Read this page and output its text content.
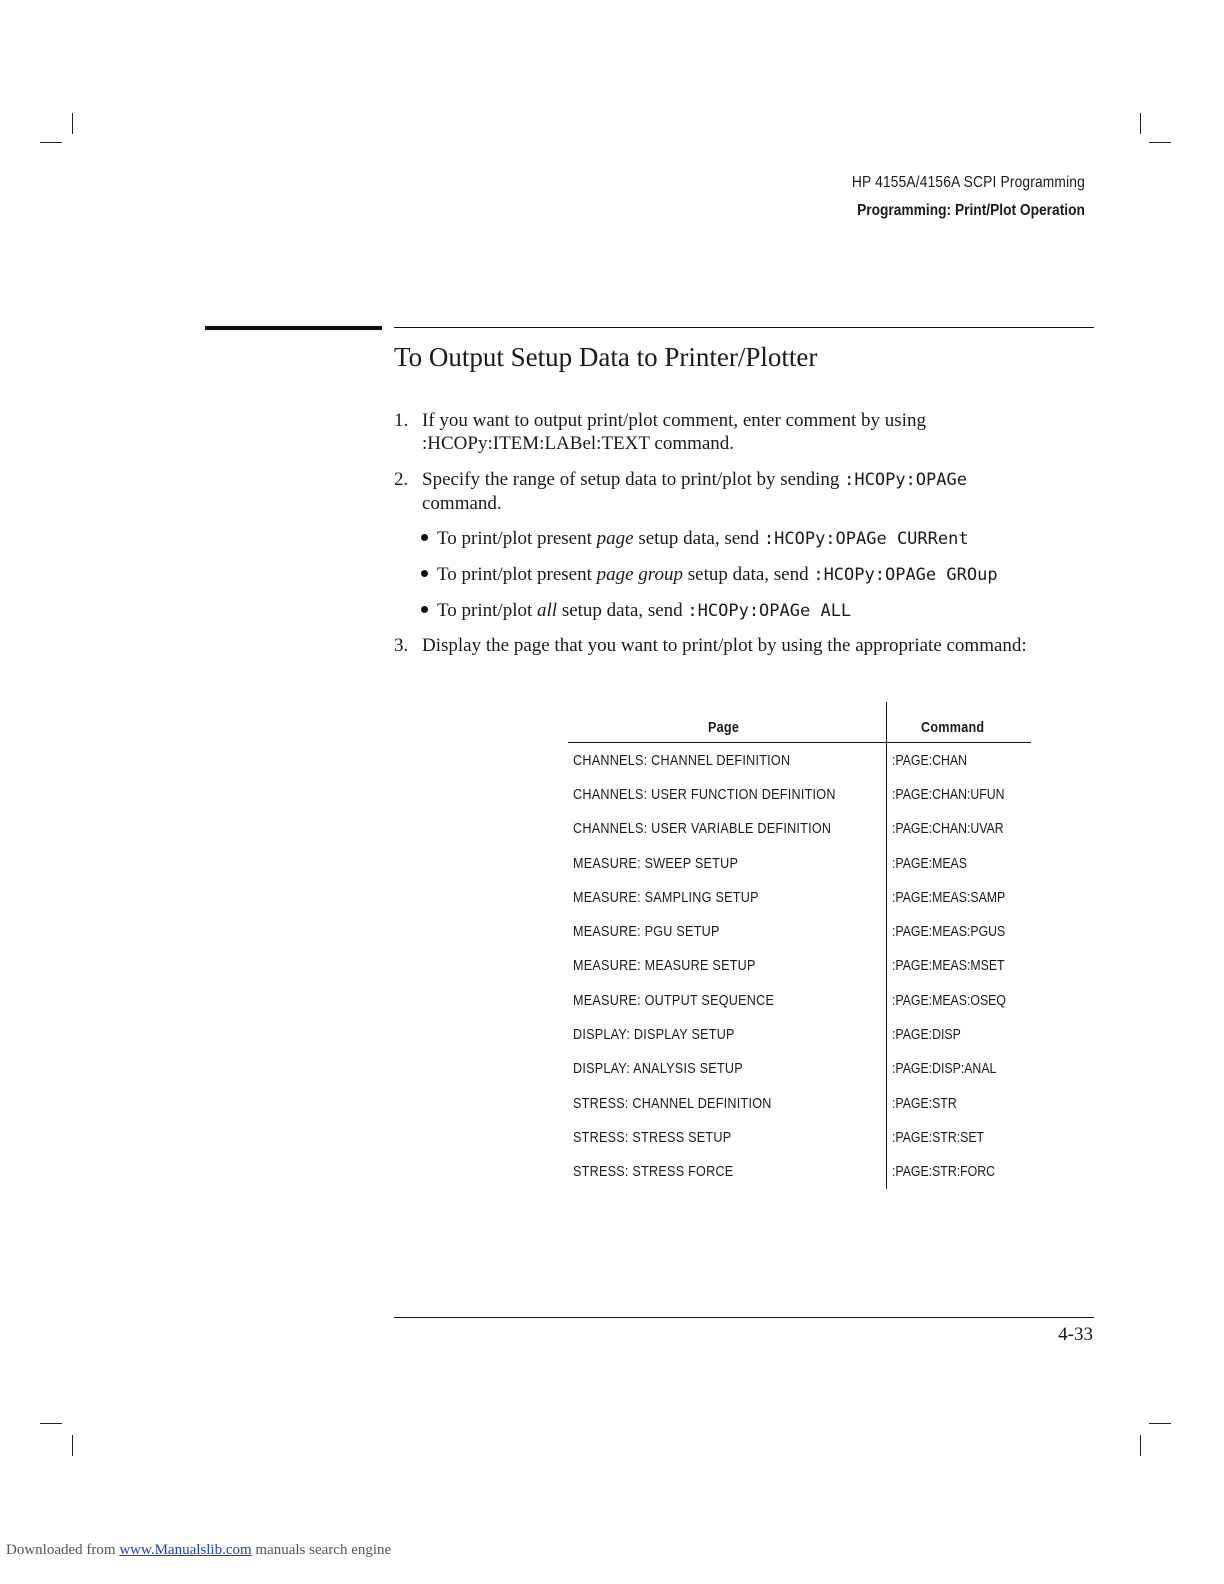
HP 4155A/4156A SCPI Programming
Programming: Print/Plot Operation
To Output Setup Data to Printer/Plotter
1. If you want to output print/plot comment, enter comment by using :HCOPy:ITEM:LABel:TEXT command.
2. Specify the range of setup data to print/plot by sending :HCOPy:OPAGe
command.
To print/plot present page setup data, send :HCOPy:OPAGe CURRent
To print/plot present page group setup data, send :HCOPy:OPAGe GROup
To print/plot all setup data, send :HCOPy:OPAGe ALL
3. Display the page that you want to print/plot by using the appropriate command:
Page	Command
CHANNELS: CHANNEL DEFINITION	:PAGE:CHAN
CHANNELS: USER FUNCTION DEFINITION	:PAGE:CHAN:UFUN
CHANNELS: USER VARIABLE DEFINITION	:PAGE:CHAN:UVAR
MEASURE: SWEEP SETUP	:PAGE:MEAS
MEASURE: SAMPLING SETUP	:PAGE:MEAS:SAMP
MEASURE: PGU SETUP	:PAGE:MEAS:PGUS
MEASURE: MEASURE SETUP	:PAGE:MEAS:MSET
MEASURE: OUTPUT SEQUENCE	:PAGE:MEAS:OSEQ
DISPLAY: DISPLAY SETUP	:PAGE:DISP
DISPLAY: ANALYSIS SETUP	:PAGE:DISP:ANAL
STRESS: CHANNEL DEFINITION	:PAGE:STR
STRESS: STRESS SETUP	:PAGE:STR:SET
STRESS: STRESS FORCE	:PAGE:STR:FORC
4-33
Downloaded from www.Manualslib.com manuals search engine
